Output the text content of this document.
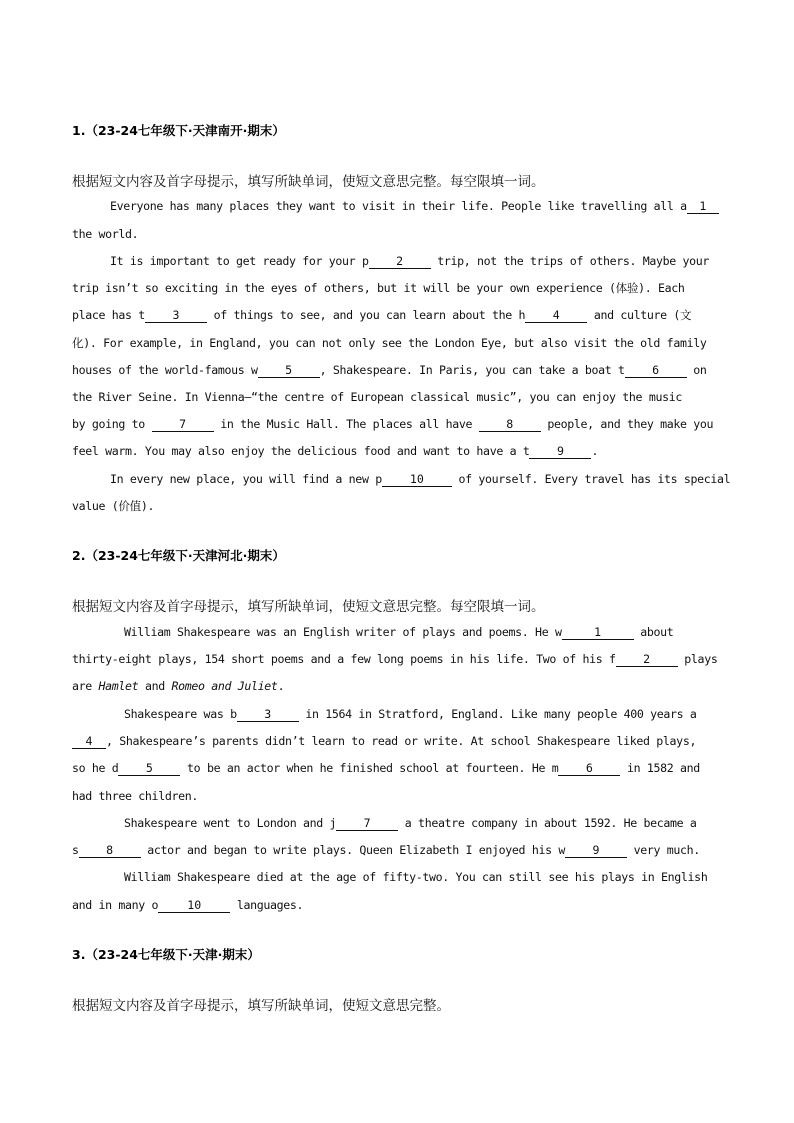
1.（23-24七年级下·天津南开·期末）
根据短文内容及首字母提示，填写所缺单词，使短文意思完整。每空限填一词。
Everyone has many places they want to visit in their life. People like travelling all a 1
the world.
It is important to get ready for your p 2 trip, not the trips of others. Maybe your
trip isn’t so exciting in the eyes of others, but it will be your own experience (体验). Each
place has t 3 of things to see, and you can learn about the h 4 and culture (文
化). For example, in England, you can not only see the London Eye, but also visit the old family
houses of the world-famous w 5 , Shakespeare. In Paris, you can take a boat t 6 on
the River Seine. In Vienna—“the centre of European classical music”, you can enjoy the music
by going to 7 in the Music Hall. The places all have 8 people, and they make you
feel warm. You may also enjoy the delicious food and want to have a t 9 .
In every new place, you will find a new p 10 of yourself. Every travel has its special
value (价值).
2.（23-24七年级下·天津河北·期末）
根据短文内容及首字母提示，填写所缺单词，使短文意思完整。每空限填一词。
William Shakespeare was an English writer of plays and poems. He w	1	about
thirty-eight plays, 154 short poems and a few long poems in his life. Two of his f 2 plays
are Hamlet and Romeo and Juliet.
Shakespeare was b 3 in 1564 in Stratford, England. Like many people 400 years a
4 , Shakespeare’s parents didn’t learn to read or write. At school Shakespeare liked plays,
so he d 5 to be an actor when he finished school at fourteen. He m 6 in 1582 and
had three children.
Shakespeare went to London and j 7 a theatre company in about 1592. He became a
s 8 actor and began to write plays. Queen Elizabeth I enjoyed his w 9 very much.
William Shakespeare died at the age of fifty-two. You can still see his plays in English
and in many o	10	languages.
3.（23-24七年级下·天津·期末）
根据短文内容及首字母提示，填写所缺单词，使短文意思完整。
